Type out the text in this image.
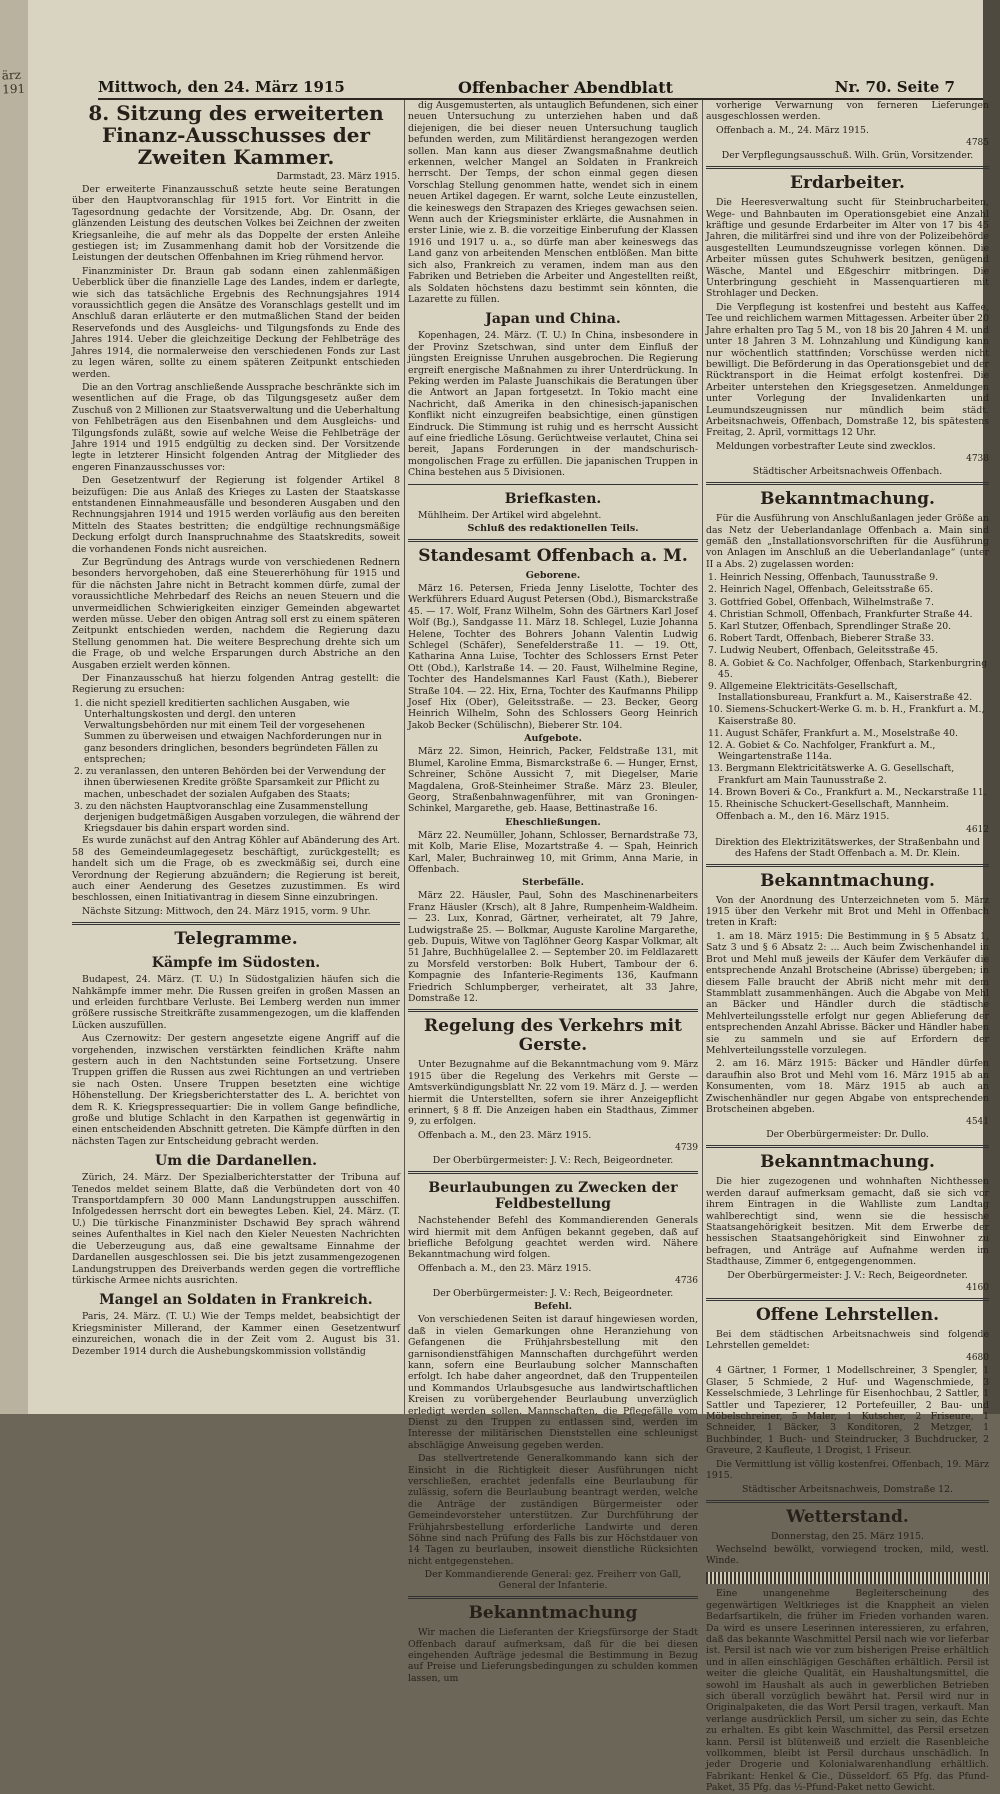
ärz 191	Mittwoch, den 24. März 1915	Offenbacher Abendblatt	Nr. 70. Seite 7
8. Sitzung des erweiterten Finanz-Ausschusses der Zweiten Kammer.
Darmstadt, 23. März 1915.

Der erweiterte Finanzausschuß setzte heute seine Beratungen über den Hauptvoranschlag für 1915 fort. Vor Eintritt in die Tagesordnung gedachte der Vorsitzende, Abg. Dr. Osann, der glänzenden Leistung des deutschen Volkes bei Zeichnen der zweiten Kriegsanleihe, die auf mehr als das Doppelte der ersten Anleihe gestiegen ist; im Zusammenhang damit hob der Vorsitzende die Leistungen der deutschen Offenbahnen im Krieg rühmend hervor.

Finanzminister Dr. Braun gab sodann einen zahlenmäßigen Ueberblick über die finanzielle Lage des Landes, indem er darlegte, wie sich das tatsächliche Ergebnis des Rechnungsjahres 1914 voraussichtlich gegen die Ansätze des Voranschlags gestellt und im Anschluß daran erläuterte er den mutmaßlichen Stand der beiden Reservefonds und des Ausgleichs- und Tilgungsfonds zu Ende des Jahres 1914. Ueber die gleichzeitige Deckung der Fehlbeträge des Jahres 1914, die normalerweise den verschiedenen Fonds zur Last zu legen wären, sollte zu einem späteren Zeitpunkt entschieden werden.

Die an den Vortrag anschließende Aussprache beschränkte sich im wesentlichen auf die Frage, ob das Tilgungsgesetz außer dem Zuschuß von 2 Millionen zur Staatsverwaltung und die Ueberhaltung von Fehlbeträgen aus den Eisenbahnen und dem Ausgleichs- und Tilgungsfonds zuläßt, sowie auf welche Weise die Fehlbeträge der Jahre 1914 und 1915 endgültig zu decken sind. Der Vorsitzende legte in letzterer Hinsicht folgenden Antrag der Mitglieder des engeren Finanzausschusses vor:

Den Gesetzentwurf der Regierung ist folgender Artikel 8 beizufügen: Die aus Anlaß des Krieges zu Lasten der Staatskasse entstandenen Einnahmeausfälle und besonderen Ausgaben und den Rechnungsjahren 1914 und 1915 werden vorläufig aus den bereiten Mitteln des Staates bestritten; die endgültige rechnungsmäßige Deckung erfolgt durch Inanspruchnahme des Staatskredits, soweit die vorhandenen Fonds nicht ausreichen.

Zur Begründung des Antrags wurde von verschiedenen Rednern besonders hervorgehoben, daß eine Steuererhöhung für 1915 und für die nächsten Jahre nicht in Betracht kommen dürfe, zumal der voraussichtliche Mehrbedarf des Reichs an neuen Steuern und die unvermeidlichen Schwierigkeiten einziger Gemeinden abgewartet werden müsse. Ueber den obigen Antrag soll erst zu einem späteren Zeitpunkt entschieden werden, nachdem die Regierung dazu Stellung genommen hat. Die weitere Besprechung drehte sich um die Frage, ob und welche Ersparungen durch Abstriche an den Ausgaben erzielt werden können.

Der Finanzausschuß hat hierzu folgenden Antrag gestellt: die Regierung zu ersuchen:

1. die nicht speziell kreditierten sachlichen Ausgaben, wie Unterhaltungskosten und dergl. den unteren Verwaltungsbehörden nur mit einem Teil der vorgesehenen Summen zu überweisen und etwaigen Nachforderungen nur in ganz besonders dringlichen, besonders begründeten Fällen zu entsprechen;
2. zu veranlassen, den unteren Behörden bei der Verwendung der ihnen überwiesenen Kredite größte Sparsamkeit zur Pflicht zu machen, unbeschadet der sozialen Aufgaben des Staats;
3. zu den nächsten Hauptvoranschlag eine Zusammenstellung derjenigen budgetmäßigen Ausgaben vorzulegen, die während der Kriegsdauer bis dahin erspart worden sind.

Es wurde zunächst auf den Antrag Köhler auf Abänderung des Art. 58 des Gemeindeumlagegesetz beschäftigt, zurückgestellt; es handelt sich um die Frage, ob es zweckmäßig sei, durch eine Verordnung der Regierung abzuändern; die Regierung ist bereit, auch einer Aenderung des Gesetzes zuzustimmen. Es wird beschlossen, einen Initiativantrag in diesem Sinne einzubringen.

Nächste Sitzung: Mittwoch, den 24. März 1915, vorm. 9 Uhr.

Telegramme.
Kämpfe im Südosten.

Budapest, 24. März. (T. U.) In Südostgalizien häufen sich die Nahkämpfe immer mehr. Die Russen greifen in großen Massen an und erleiden furchtbare Verluste. Bei Lemberg werden nun immer größere russische Streitkräfte zusammengezogen, um die klaffenden Lücken auszufüllen.

Aus Czernowitz: Der gestern angesetzte eigene Angriff auf die vorgehenden, inzwischen verstärkten feindlichen Kräfte nahm gestern auch in den Nachtstunden seine Fortsetzung. Unsere Truppen griffen die Russen aus zwei Richtungen an und vertrieben sie nach Osten. Unsere Truppen besetzten eine wichtige Höhenstellung. Der Kriegsberichterstatter des L. A. berichtet von dem R. K. Kriegspressequartier: Die in vollem Gange befindliche, große und blutige Schlacht in den Karpathen ist gegenwärtig in einen entscheidenden Abschnitt getreten. Die Kämpfe dürften in den nächsten Tagen zur Entscheidung gebracht werden.

Um die Dardanellen.

Zürich, 24. März. Der Spezialberichterstatter der Tribuna auf Tenedos meldet seinem Blatte, daß die Verbündeten dort von 40 Transportdampfern 30 000 Mann Landungstruppen ausschiffen. Infolgedessen herrscht dort ein bewegtes Leben. Kiel, 24. März. (T. U.) Die türkische Finanzminister Dschawid Bey sprach während seines Aufenthaltes in Kiel nach den Kieler Neuesten Nachrichten die Ueberzeugung aus, daß eine gewaltsame Einnahme der Dardanellen ausgeschlossen sei. Die bis jetzt zusammengezogenen Landungstruppen des Dreiverbands werden gegen die vortreffliche türkische Armee nichts ausrichten.

Mangel an Soldaten in Frankreich.

Paris, 24. März. (T. U.) Wie der Temps meldet, beabsichtigt der Kriegsminister Millerand, der Kammer einen Gesetzentwurf einzureichen, wonach die in der Zeit vom 2. August bis 31. Dezember 1914 durch die Aushebungskommission vollständig

dig Ausgemusterten, als untauglich Befundenen, sich einer neuen Untersuchung zu unterziehen haben und daß diejenigen, die bei dieser neuen Untersuchung tauglich befunden werden, zum Militärdienst herangezogen werden sollen. Man kann aus dieser Zwangsmaßnahme deutlich erkennen, welcher Mangel an Soldaten in Frankreich herrscht. Der Temps, der schon einmal gegen diesen Vorschlag Stellung genommen hatte, wendet sich in einem neuen Artikel dagegen. Er warnt, solche Leute einzustellen, die keineswegs den Strapazen des Krieges gewachsen seien. Wenn auch der Kriegsminister erklärte, die Ausnahmen in erster Linie, wie z. B. die vorzeitige Einberufung der Klassen 1916 und 1917 u. a., so dürfe man aber keineswegs das Land ganz von arbeitenden Menschen entblößen. Man bitte sich also, Frankreich zu veramen, indem man aus den Fabriken und Betrieben die Arbeiter und Angestellten reißt, als Soldaten höchstens dazu bestimmt sein könnten, die Lazarette zu füllen.

Japan und China.

Kopenhagen, 24. März. (T. U.) In China, insbesondere in der Provinz Szetschwan, sind unter dem Einfluß der jüngsten Ereignisse Unruhen ausgebrochen. Die Regierung ergreift energische Maßnahmen zu ihrer Unterdrückung. In Peking werden im Palaste Juanschikais die Beratungen über die Antwort an Japan fortgesetzt. In Tokio macht eine Nachricht, daß Amerika in den chinesisch-japanischen Konflikt nicht einzugreifen beabsichtige, einen günstigen Eindruck. Die Stimmung ist ruhig und es herrscht Aussicht auf eine friedliche Lösung. Gerüchtweise verlautet, China sei bereit, Japans Forderungen in der mandschurisch-mongolischen Frage zu erfüllen. Die japanischen Truppen in China bestehen aus 5 Divisionen.

Briefkasten.

Mühlheim. Der Artikel wird abgelehnt.

Schluß des redaktionellen Teils.
Standesamt Offenbach a. M.
Geborene.

März 16. Petersen, Frieda Jenny Liselotte, Tochter des Werkführers Eduard August Petersen (Obd.), Bismarckstraße 45. — 17. Wolf, Franz Wilhelm, Sohn des Gärtners Karl Josef Wolf (Bg.), Sandgasse 11. März 18. Schlegel, Luzie Johanna Helene, Tochter des Bohrers Johann Valentin Ludwig Schlegel (Schäfer), Senefelderstraße 11. — 19. Ott, Katharina Anna Luise, Tochter des Schlossers Ernst Peter Ott (Obd.), Karlstraße 14. — 20. Faust, Wilhelmine Regine, Tochter des Handelsmannes Karl Faust (Kath.), Bieberer Straße 104. — 22. Hix, Erna, Tochter des Kaufmanns Philipp Josef Hix (Ober), Geleitsstraße. — 23. Becker, Georg Heinrich Wilhelm, Sohn des Schlossers Georg Heinrich Jakob Becker (Schülischn), Bieberer Str. 104.

Aufgebote.

März 22. Simon, Heinrich, Packer, Feldstraße 131, mit Blumel, Karoline Emma, Bismarckstraße 6. — Hunger, Ernst, Schreiner, Schöne Aussicht 7, mit Diegelser, Marie Magdalena, Groß-Steinheimer Straße. März 23. Bleuler, Georg, Straßenbahnwagenführer, mit van Groningen-Schinkel, Margarethe, geb. Haase, Bettinastraße 16.

Eheschließungen.

März 22. Neumüller, Johann, Schlosser, Bernardstraße 73, mit Kolb, Marie Elise, Mozartstraße 4. — Spah, Heinrich Karl, Maler, Buchrainweg 10, mit Grimm, Anna Marie, in Offenbach.

Sterbefälle.

März 22. Häusler, Paul, Sohn des Maschinenarbeiters Franz Häusler (Krsch), alt 8 Jahre, Rumpenheim-Waldheim. — 23. Lux, Konrad, Gärtner, verheiratet, alt 79 Jahre, Ludwigstraße 25. — Bolkmar, Auguste Karoline Margarethe, geb. Dupuis, Witwe von Taglöhner Georg Kaspar Volkmar, alt 51 Jahre, Buchhügelallee 2. — September 20. im Feldlazarett zu Morsfeld verstorben: Bolk Hubert, Tambour der 6. Kompagnie des Infanterie-Regiments 136, Kaufmann Friedrich Schlumpberger, verheiratet, alt 33 Jahre, Domstraße 12.

Regelung des Verkehrs mit Gerste.

Unter Bezugnahme auf die Bekanntmachung vom 9. März 1915 über die Regelung des Verkehrs mit Gerste — Amtsverkündigungsblatt Nr. 22 vom 19. März d. J. — werden hiermit die Unterstellten, sofern sie ihrer Anzeigepflicht erinnert, § 8 ff. Die Anzeigen haben ein Stadthaus, Zimmer 9, zu erfolgen.

Offenbach a. M., den 23. März 1915.

4739
Der Oberbürgermeister: J. V.: Rech, Beigeordneter.
Beurlaubungen zu Zwecken der Feldbestellung

Nachstehender Befehl des Kommandierenden Generals wird hiermit mit dem Anfügen bekannt gegeben, daß auf briefliche Befolgung geachtet werden wird. Nähere Bekanntmachung wird folgen.

Offenbach a. M., den 23. März 1915.

4736
Der Oberbürgermeister: J. V.: Rech, Beigeordneter.
Befehl.

Von verschiedenen Seiten ist darauf hingewiesen worden, daß in vielen Gemarkungen ohne Heranziehung von Gefangenen die Frühjahrsbestellung mit den garnisondienstfähigen Mannschaften durchgeführt werden kann, sofern eine Beurlaubung solcher Mannschaften erfolgt. Ich habe daher angeordnet, daß den Truppenteilen und Kommandos Urlaubsgesuche aus landwirtschaftlichen Kreisen zu vorübergehender Beurlaubung unverzüglich erledigt werden sollen. Mannschaften, die Pflegefälle vom Dienst zu den Truppen zu entlassen sind, werden im Interesse der militärischen Dienststellen eine schleunigst abschlägige Anweisung gegeben werden.

Das stellvertretende Generalkommando kann sich der Einsicht in die Richtigkeit dieser Ausführungen nicht verschließen, erachtet jedenfalls eine Beurlaubung für zulässig, sofern die Beurlaubung beantragt werden, welche die Anträge der zuständigen Bürgermeister oder Gemeindevorsteher unterstützen. Zur Durchführung der Frühjahrsbestellung erforderliche Landwirte und deren Söhne sind nach Prüfung des Falls bis zur Höchstdauer von 14 Tagen zu beurlauben, insoweit dienstliche Rücksichten nicht entgegenstehen.

Der Kommandierende General: gez. Freiherr von Gall, General der Infanterie.
Bekanntmachung

Wir machen die Lieferanten der Kriegsfürsorge der Stadt Offenbach darauf aufmerksam, daß für die bei diesen eingehenden Aufträge jedesmal die Bestimmung in Bezug auf Preise und Lieferungsbedingungen zu schulden kommen lassen, um

vorherige Verwarnung von ferneren Lieferungen ausgeschlossen werden.

Offenbach a. M., 24. März 1915.

4785
Der Verpflegungsausschuß. Wilh. Grün, Vorsitzender.
Erdarbeiter.

Die Heeresverwaltung sucht für Steinbrucharbeiten, Wege- und Bahnbauten im Operationsgebiet eine Anzahl kräftige und gesunde Erdarbeiter im Alter von 17 bis 45 Jahren, die militärfrei sind und ihre von der Polizeibehörde ausgestellten Leumundszeugnisse vorlegen können. Die Arbeiter müssen gutes Schuhwerk besitzen, genügend Wäsche, Mantel und Eßgeschirr mitbringen. Die Unterbringung geschieht in Massenquartieren mit Strohlager und Decken.

Die Verpflegung ist kostenfrei und besteht aus Kaffee, Tee und reichlichem warmen Mittagessen. Arbeiter über 20 Jahre erhalten pro Tag 5 M., von 18 bis 20 Jahren 4 M. und unter 18 Jahren 3 M. Lohnzahlung und Kündigung kann nur wöchentlich stattfinden; Vorschüsse werden nicht bewilligt. Die Beförderung in das Operationsgebiet und der Rücktransport in die Heimat erfolgt kostenfrei. Die Arbeiter unterstehen den Kriegsgesetzen. Anmeldungen unter Vorlegung der Invalidenkarten und Leumundszeugnissen nur mündlich beim städt. Arbeitsnachweis, Offenbach, Domstraße 12, bis spätestens Freitag, 2. April, vormittags 12 Uhr.

Meldungen vorbestrafter Leute sind zwecklos.

4738
Städtischer Arbeitsnachweis Offenbach.
Bekanntmachung.

Für die Ausführung von Anschlußanlagen jeder Größe an das Netz der Ueberlandanlage Offenbach a. Main sind gemäß den „Installationsvorschriften für die Ausführung von Anlagen im Anschluß an die Ueberlandanlage“ (unter II a Abs. 2) zugelassen worden:

1. Heinrich Nessing, Offenbach, Taunusstraße 9.
2. Heinrich Nagel, Offenbach, Geleitsstraße 65.
3. Gottfried Gobel, Offenbach, Wilhelmstraße 7.
4. Christian Schmoll, Offenbach, Frankfurter Straße 44.
5. Karl Stutzer, Offenbach, Sprendlinger Straße 20.
6. Robert Tardt, Offenbach, Bieberer Straße 33.
7. Ludwig Neubert, Offenbach, Geleitsstraße 45.
8. A. Gobiet & Co. Nachfolger, Offenbach, Starkenburgring 45.
9. Allgemeine Elektricitäts-Gesellschaft, Installationsbureau, Frankfurt a. M., Kaiserstraße 42.
10. Siemens-Schuckert-Werke G. m. b. H., Frankfurt a. M., Kaiserstraße 80.
11. August Schäfer, Frankfurt a. M., Moselstraße 40.
12. A. Gobiet & Co. Nachfolger, Frankfurt a. M., Weingartenstraße 114a.
13. Bergmann Elektricitätswerke A. G. Gesellschaft, Frankfurt am Main Taunusstraße 2.
14. Brown Boveri & Co., Frankfurt a. M., Neckarstraße 11.
15. Rheinische Schuckert-Gesellschaft, Mannheim.

Offenbach a. M., den 16. März 1915.

4612
Direktion des Elektrizitätswerkes, der Straßenbahn und des Hafens der Stadt Offenbach a. M. Dr. Klein.
Bekanntmachung.

Von der Anordnung des Unterzeichneten vom 5. März 1915 über den Verkehr mit Brot und Mehl in Offenbach treten in Kraft:

1. am 18. März 1915: Die Bestimmung in § 5 Absatz 1, Satz 3 und § 6 Absatz 2: ... Auch beim Zwischenhandel in Brot und Mehl muß jeweils der Käufer dem Verkäufer die entsprechende Anzahl Brotscheine (Abrisse) übergeben; in diesem Falle braucht der Abriß nicht mehr mit dem Stammblatt zusammenhängen. Auch die Abgabe von Mehl an Bäcker und Händler durch die städtische Mehlverteilungsstelle erfolgt nur gegen Ablieferung der entsprechenden Anzahl Abrisse. Bäcker und Händler haben sie zu sammeln und sie auf Erfordern der Mehlverteilungsstelle vorzulegen.

2. am 16. März 1915: Bäcker und Händler dürfen daraufhin also Brot und Mehl vom 16. März 1915 ab an Konsumenten, vom 18. März 1915 ab auch an Zwischenhändler nur gegen Abgabe von entsprechenden Brotscheinen abgeben.

4541
Der Oberbürgermeister: Dr. Dullo.
Bekanntmachung.

Die hier zugezogenen und wohnhaften Nichthessen werden darauf aufmerksam gemacht, daß sie sich vor ihrem Eintragen in die Wahlliste zum Landtag wahlberechtigt sind, wenn sie die hessische Staatsangehörigkeit besitzen. Mit dem Erwerbe der hessischen Staatsangehörigkeit sind Einwohner zu befragen, und Anträge auf Aufnahme werden im Stadthause, Zimmer 6, entgegengenommen.

Der Oberbürgermeister: J. V.: Rech, Beigeordneter.
4160
Offene Lehrstellen.

Bei dem städtischen Arbeitsnachweis sind folgende Lehrstellen gemeldet:

4680

4 Gärtner, 1 Former, 1 Modellschreiner, 3 Spengler, 1 Glaser, 5 Schmiede, 2 Huf- und Wagenschmiede, 3 Kesselschmiede, 3 Lehrlinge für Eisenhochbau, 2 Sattler, 1 Sattler und Tapezierer, 12 Portefeuiller, 2 Bau- und Möbelschreiner, 5 Maler, 1 Kutscher, 2 Friseure, 1 Schneider, 1 Bäcker, 3 Konditoren, 2 Metzger, 1 Buchbinder, 1 Buch- und Steindrucker, 3 Buchdrucker, 2 Graveure, 2 Kaufleute, 1 Drogist, 1 Friseur.

Die Vermittlung ist völlig kostenfrei. Offenbach, 19. März 1915.

Städtischer Arbeitsnachweis, Domstraße 12.
Wetterstand.
Donnerstag, den 25. März 1915.

Wechselnd bewölkt, vorwiegend trocken, mild, westl. Winde.

Eine unangenehme Begleiterscheinung des gegenwärtigen Weltkrieges ist die Knappheit an vielen Bedarfsartikeln, die früher im Frieden vorhanden waren. Da wird es unsere Leserinnen interessieren, zu erfahren, daß das bekannte Waschmittel Persil nach wie vor lieferbar ist. Persil ist nach wie vor zum bisherigen Preise erhältlich und in allen einschlägigen Geschäften erhältlich. Persil ist weiter die gleiche Qualität, ein Haushaltungsmittel, die sowohl im Haushalt als auch in gewerblichen Betrieben sich überall vorzüglich bewährt hat. Persil wird nur in Originalpaketen, die das Wort Persil tragen, verkauft. Man verlange ausdrücklich Persil, um sicher zu sein, das Echte zu erhalten. Es gibt kein Waschmittel, das Persil ersetzen kann. Persil ist blütenweiß und erzielt die Rasenbleiche vollkommen, bleibt ist Persil durchaus unschädlich. In jeder Drogerie und Kolonialwarenhandlung erhältlich. Fabrikant: Henkel & Cie., Düsseldorf. 65 Pfg. das Pfund-Paket, 35 Pfg. das ½-Pfund-Paket netto Gewicht.
